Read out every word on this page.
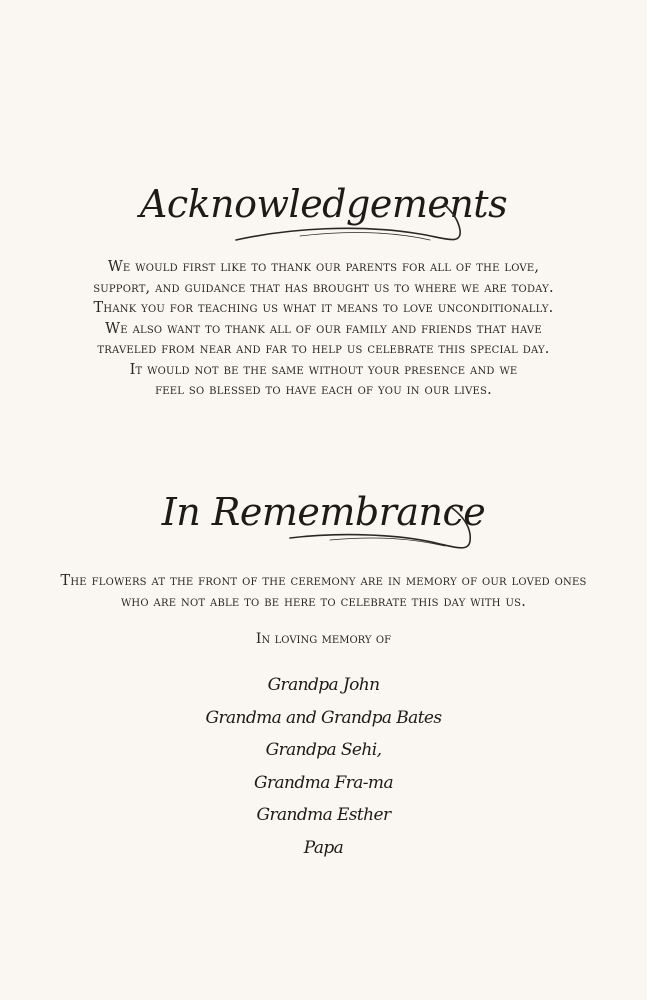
Acknowledgements

We would first like to thank our parents for all of the love,

support, and guidance that has brought us to where we are today.

Thank you for teaching us what it means to love unconditionally.

We also want to thank all of our family and friends that have

traveled from near and far to help us celebrate this special day.

It would not be the same without your presence and we

feel so blessed to have each of you in our lives.

In Remembrance

The flowers at the front of the ceremony are in memory of our loved ones

who are not able to be here to celebrate this day with us.

In loving memory of
Grandpa John
Grandma and Grandpa Bates
Grandpa Sehi,
Grandma Fra-ma
Grandma Esther
Papa
